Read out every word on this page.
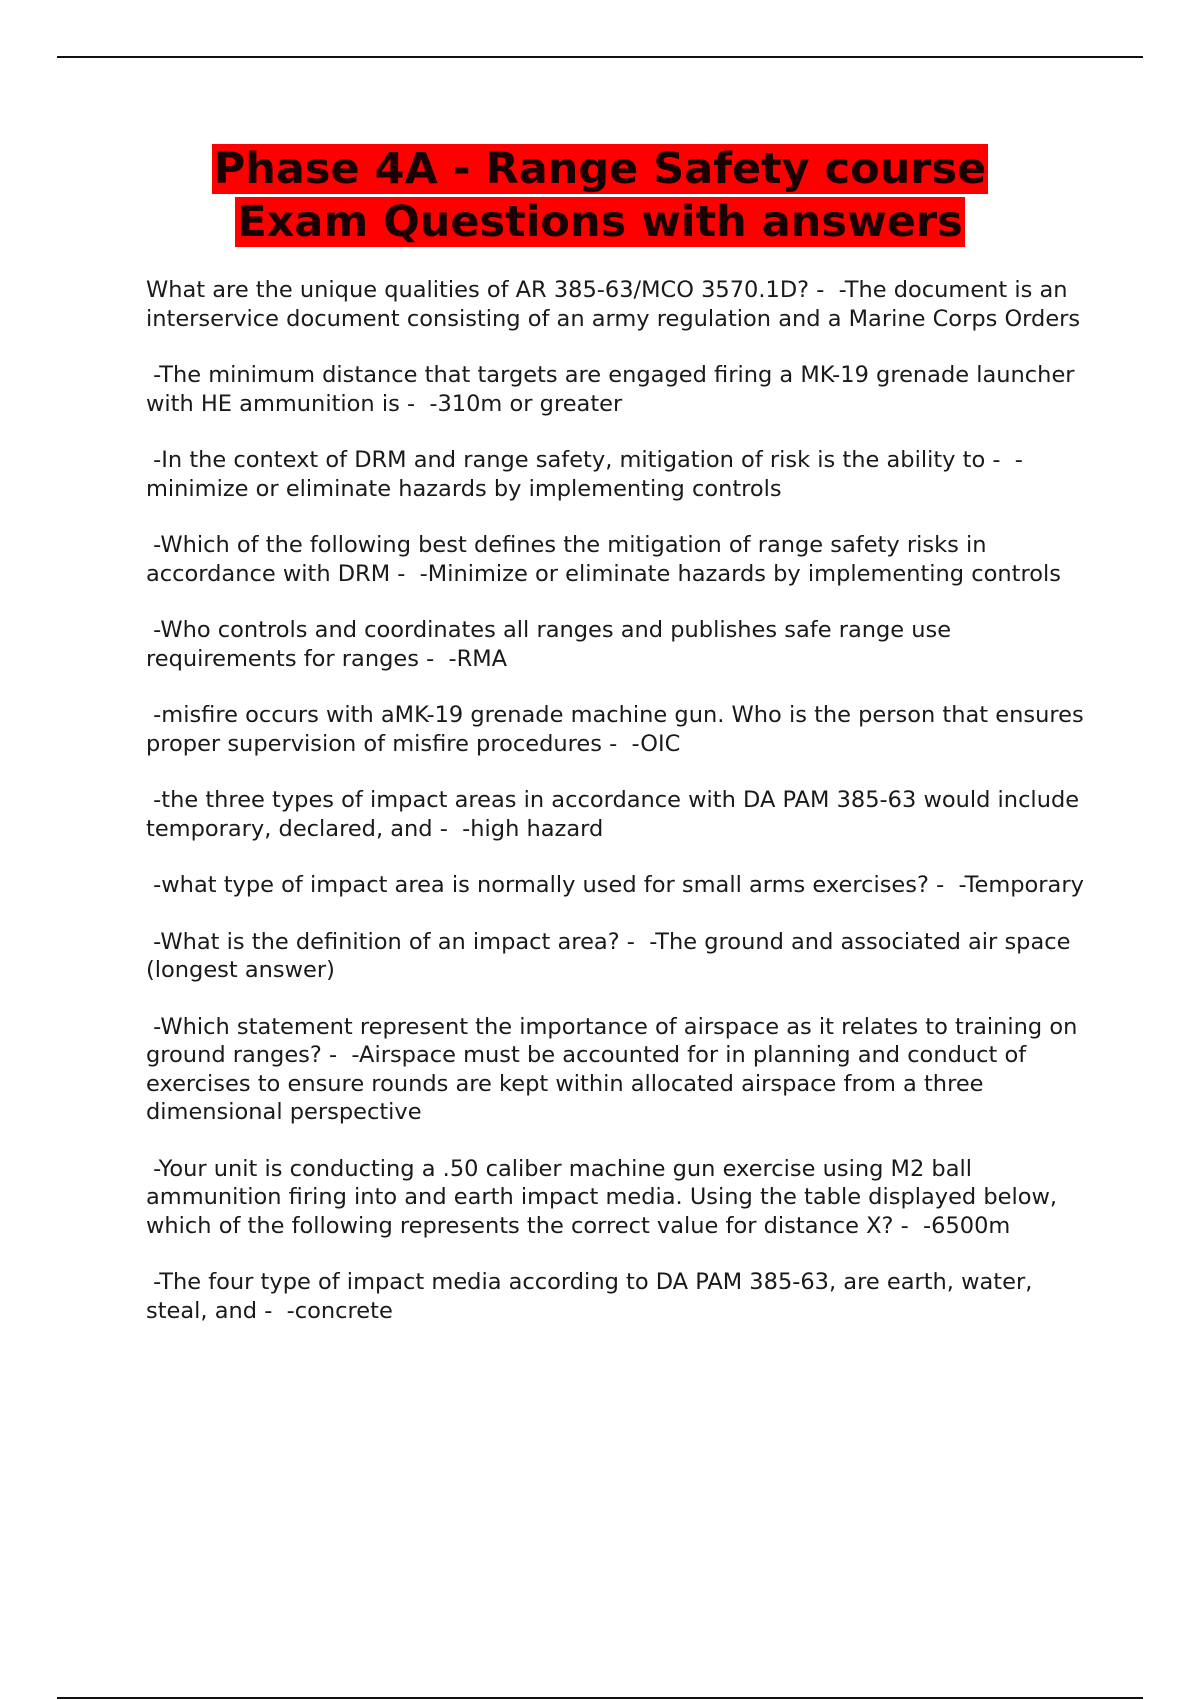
Phase 4A - Range Safety course
Exam Questions with answers

What are the unique qualities of AR 385-63/MCO 3570.1D? -  -The document is an interservice document consisting of an army regulation and a Marine Corps Orders

-The minimum distance that targets are engaged firing a MK-19 grenade launcher with HE ammunition is -  -310m or greater

-In the context of DRM and range safety, mitigation of risk is the ability to -  -minimize or eliminate hazards by implementing controls

-Which of the following best defines the mitigation of range safety risks in accordance with DRM -  -Minimize or eliminate hazards by implementing controls

-Who controls and coordinates all ranges and publishes safe range use requirements for ranges -  -RMA

-misfire occurs with aMK-19 grenade machine gun. Who is the person that ensures proper supervision of misfire procedures -  -OIC

-the three types of impact areas in accordance with DA PAM 385-63 would include temporary, declared, and -  -high hazard

-what type of impact area is normally used for small arms exercises? -  -Temporary

-What is the definition of an impact area? -  -The ground and associated air space (longest answer)

-Which statement represent the importance of airspace as it relates to training on ground ranges? -  -Airspace must be accounted for in planning and conduct of exercises to ensure rounds are kept within allocated airspace from a three dimensional perspective

-Your unit is conducting a .50 caliber machine gun exercise using M2 ball ammunition firing into and earth impact media. Using the table displayed below, which of the following represents the correct value for distance X? -  -6500m

-The four type of impact media according to DA PAM 385-63, are earth, water, steal, and -  -concrete
